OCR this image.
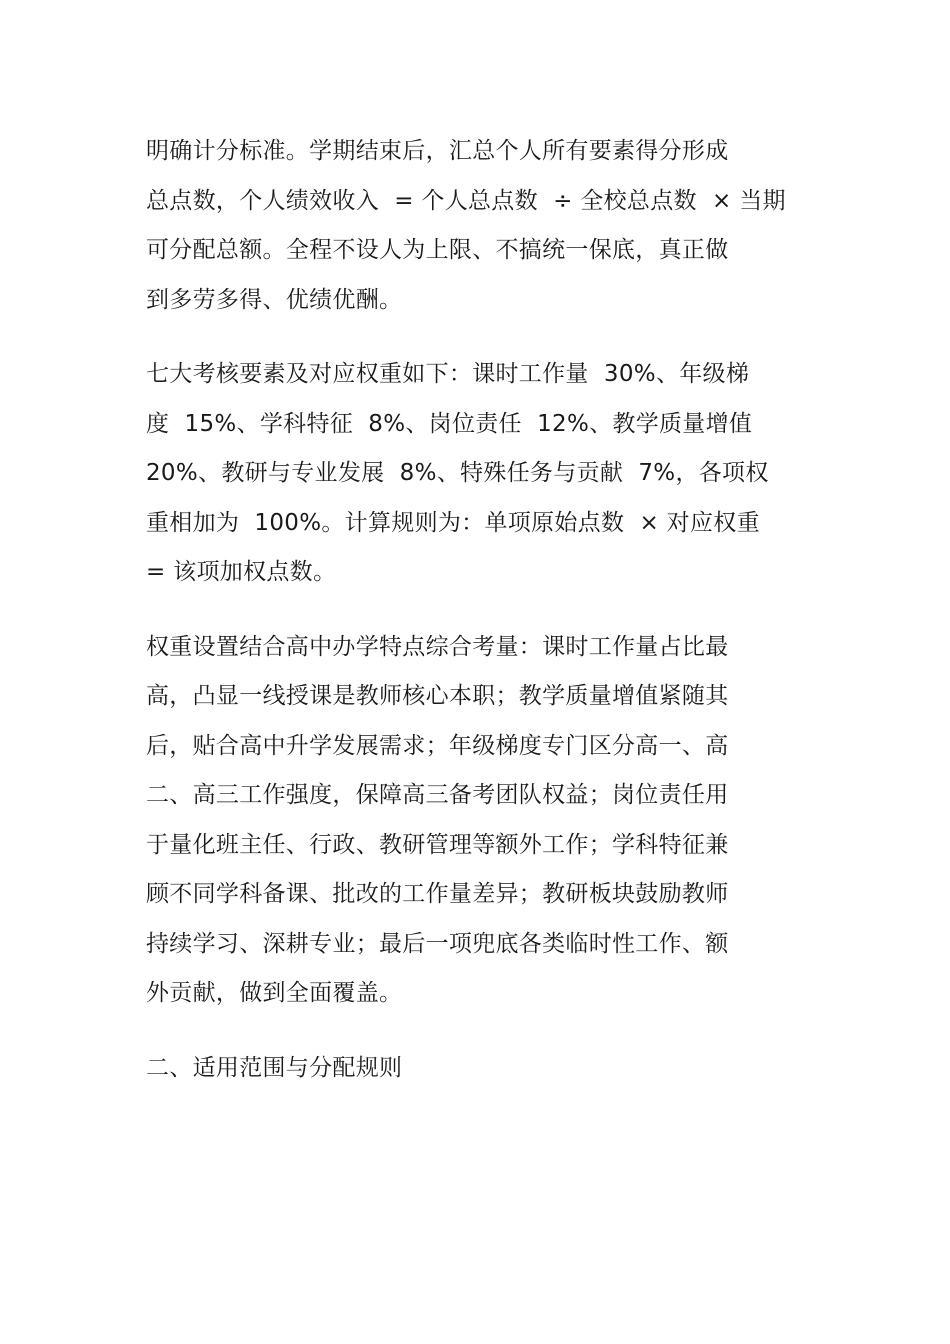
明确计分标准。学期结束后，汇总个人所有要素得分形成
总点数，个人绩效收入  = 个人总点数  ÷ 全校总点数  × 当期
可分配总额。全程不设人为上限、不搞统一保底，真正做
到多劳多得、优绩优酬。
七大考核要素及对应权重如下：课时工作量  30%、年级梯
度  15%、学科特征  8%、岗位责任  12%、教学质量增值
20%、教研与专业发展  8%、特殊任务与贡献  7%，各项权
重相加为  100%。计算规则为：单项原始点数  × 对应权重
= 该项加权点数。
权重设置结合高中办学特点综合考量：课时工作量占比最
高，凸显一线授课是教师核心本职；教学质量增值紧随其
后，贴合高中升学发展需求；年级梯度专门区分高一、高
二、高三工作强度，保障高三备考团队权益；岗位责任用
于量化班主任、行政、教研管理等额外工作；学科特征兼
顾不同学科备课、批改的工作量差异；教研板块鼓励教师
持续学习、深耕专业；最后一项兜底各类临时性工作、额
外贡献，做到全面覆盖。
二、适用范围与分配规则
